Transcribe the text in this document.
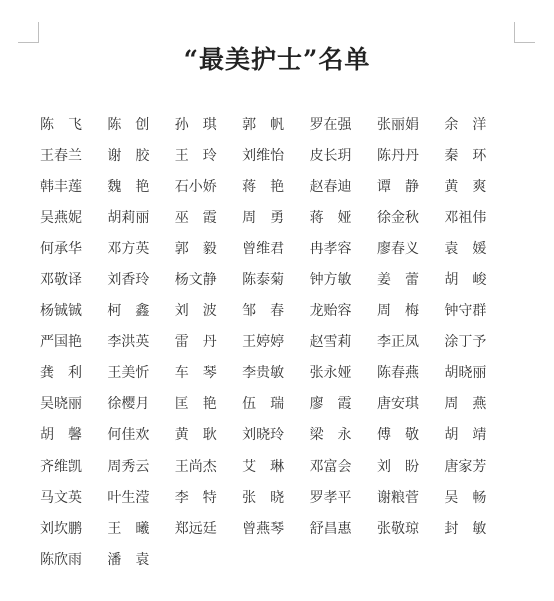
“最美护士”名单
陈　飞	陈　创	孙　琪	郭　帆	罗在强	张丽娟	余　洋
王春兰	谢　胶	王　玲	刘维怡	皮长玥	陈丹丹	秦　环
韩丰莲	魏　艳	石小娇	蒋　艳	赵春迪	谭　静	黄　爽
吴燕妮	胡莉丽	巫　霞	周　勇	蒋　娅	徐金秋	邓祖伟
何承华	邓方英	郭　毅	曾维君	冉孝容	廖春义	袁　媛
邓敬译	刘香玲	杨文静	陈泰菊	钟方敏	姜　蕾	胡　峻
杨铖铖	柯　鑫	刘　波	邹　春	龙贻容	周　梅	钟守群
严国艳	李洪英	雷　丹	王婷婷	赵雪莉	李正凤	涂丁予
龚　利	王美忻	车　琴	李贵敏	张永娅	陈春燕	胡晓丽
吴晓丽	徐樱月	匡　艳	伍　瑞	廖　霞	唐安琪	周　燕
胡　馨	何佳欢	黄　耿	刘晓玲	梁　永	傅　敬	胡　靖
齐维凯	周秀云	王尚杰	艾　琳	邓富会	刘　盼	唐家芳
马文英	叶生滢	李　特	张　晓	罗孝平	谢粮菅	吴　畅
刘坎鹏	王　曦	郑远廷	曾燕琴	舒昌惠	张敬琼	封　敏
陈欣雨	潘　袁
